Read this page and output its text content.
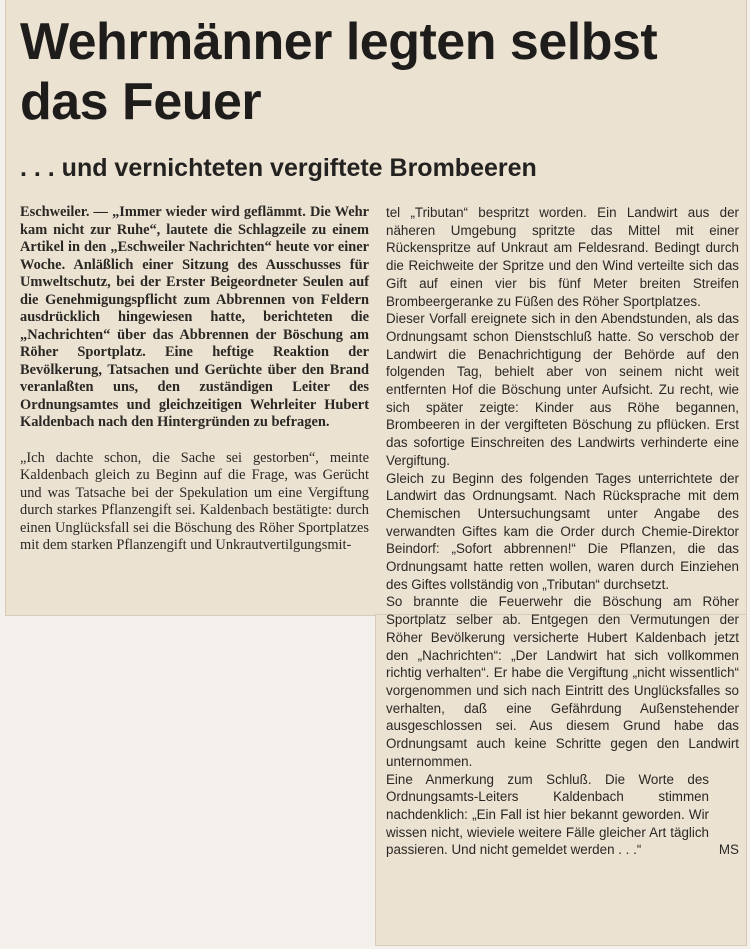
Wehrmänner legten selbst das Feuer
. . . und vernichteten vergiftete Brombeeren

Eschweiler. — „Immer wieder wird geflämmt. Die Wehr kam nicht zur Ruhe“, lautete die Schlagzeile zu einem Artikel in den „Eschweiler Nachrichten“ heute vor einer Woche. Anläßlich einer Sitzung des Ausschusses für Umweltschutz, bei der Erster Beigeordneter Seulen auf die Genehmigungspflicht zum Abbrennen von Feldern ausdrücklich hingewiesen hatte, berichteten die „Nachrichten“ über das Abbrennen der Böschung am Röher Sportplatz. Eine heftige Reaktion der Bevölkerung, Tatsachen und Gerüchte über den Brand veranlaßten uns, den zuständigen Leiter des Ordnungsamtes und gleichzeitigen Wehrleiter Hubert Kaldenbach nach den Hintergründen zu befragen.

„Ich dachte schon, die Sache sei gestorben“, meinte Kaldenbach gleich zu Beginn auf die Frage, was Gerücht und was Tatsache bei der Spekulation um eine Vergiftung durch starkes Pflanzengift sei. Kaldenbach bestätigte: durch einen Unglücksfall sei die Böschung des Röher Sportplatzes mit dem starken Pflanzengift und Unkrautvertilgungsmit-

tel „Tributan“ bespritzt worden. Ein Landwirt aus der näheren Umgebung spritzte das Mittel mit einer Rückenspritze auf Unkraut am Feldesrand. Bedingt durch die Reichweite der Spritze und den Wind verteilte sich das Gift auf einen vier bis fünf Meter breiten Streifen Brombeergeranke zu Füßen des Röher Sportplatzes.

Dieser Vorfall ereignete sich in den Abendstunden, als das Ordnungsamt schon Dienstschluß hatte. So verschob der Landwirt die Benachrichtigung der Behörde auf den folgenden Tag, behielt aber von seinem nicht weit entfernten Hof die Böschung unter Aufsicht. Zu recht, wie sich später zeigte: Kinder aus Röhe begannen, Brombeeren in der vergifteten Böschung zu pflücken. Erst das sofortige Einschreiten des Landwirts verhinderte eine Vergiftung.

Gleich zu Beginn des folgenden Tages unterrichtete der Landwirt das Ordnungsamt. Nach Rücksprache mit dem Chemischen Untersuchungsamt unter Angabe des verwandten Giftes kam die Order durch Chemie-Direktor Beindorf: „Sofort abbrennen!“ Die Pflanzen, die das Ordnungsamt hatte retten wollen, waren durch Einziehen des Giftes vollständig von „Tributan“ durchsetzt.

So brannte die Feuerwehr die Böschung am Röher Sportplatz selber ab. Entgegen den Vermutungen der Röher Bevölkerung versicherte Hubert Kaldenbach jetzt den „Nachrichten“: „Der Landwirt hat sich vollkommen richtig verhalten“. Er habe die Vergiftung „nicht wissentlich“ vorgenommen und sich nach Eintritt des Unglücksfalles so verhalten, daß eine Gefährdung Außenstehender ausgeschlossen sei. Aus diesem Grund habe das Ordnungsamt auch keine Schritte gegen den Landwirt unternommen.

Eine Anmerkung zum Schluß. Die Worte des Ordnungsamts-Leiters Kaldenbach stimmen nachdenklich: „Ein Fall ist hier bekannt geworden. Wir wissen nicht, wieviele weitere Fälle gleicher Art täglich passieren. Und nicht gemeldet werden . . .“	MS
